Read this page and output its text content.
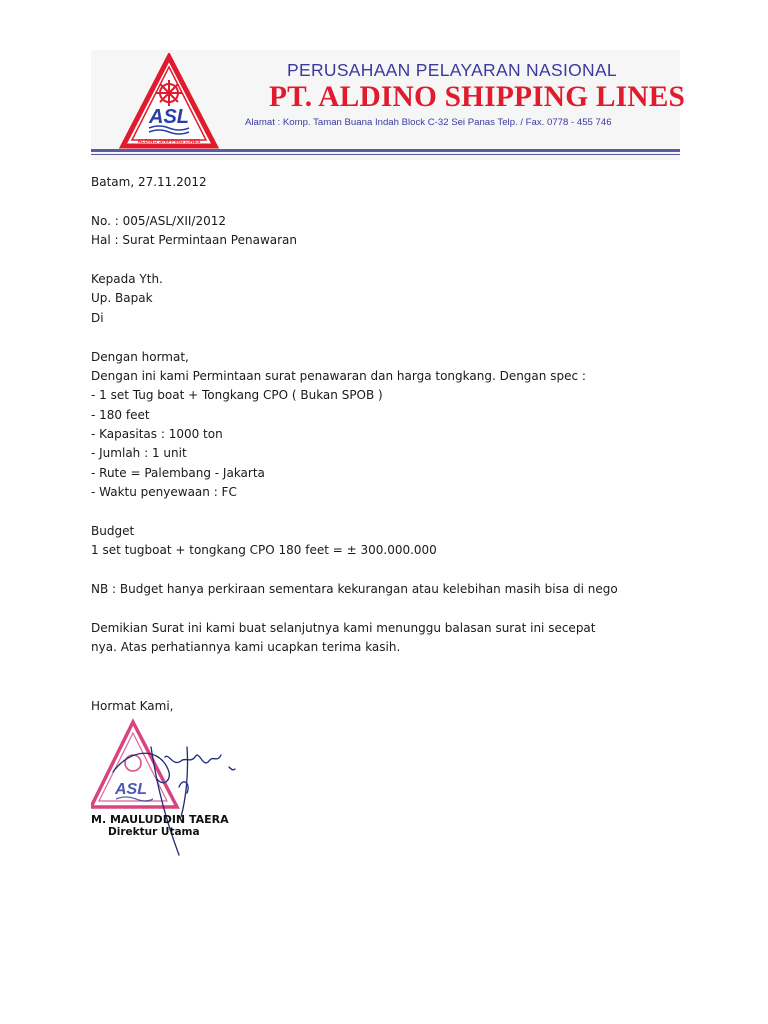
ASL
ALDINO SHIPPING LINES
PERUSAHAAN PELAYARAN NASIONAL
PT. ALDINO SHIPPING LINES
Alamat : Komp. Taman Buana Indah Block C-32 Sei Panas Telp. / Fax. 0778 - 455 746
Batam, 27.11.2012
No. : 005/ASL/XII/2012
Hal : Surat Permintaan Penawaran
Kepada Yth.
Up. Bapak
Di
Dengan hormat,
Dengan ini kami Permintaan surat penawaran dan harga tongkang. Dengan spec :
- 1 set Tug boat + Tongkang CPO ( Bukan SPOB )
- 180 feet
- Kapasitas : 1000 ton
- Jumlah : 1 unit
- Rute = Palembang - Jakarta
- Waktu penyewaan : FC
Budget
1 set tugboat + tongkang CPO 180 feet = ± 300.000.000
NB : Budget hanya perkiraan sementara kekurangan atau kelebihan masih bisa di nego
Demikian Surat ini kami buat selanjutnya kami menunggu balasan surat ini secepat nya. Atas perhatiannya kami ucapkan terima kasih.
Hormat Kami,
ASL
M. MAULUDDIN TAERA
Direktur Utama
